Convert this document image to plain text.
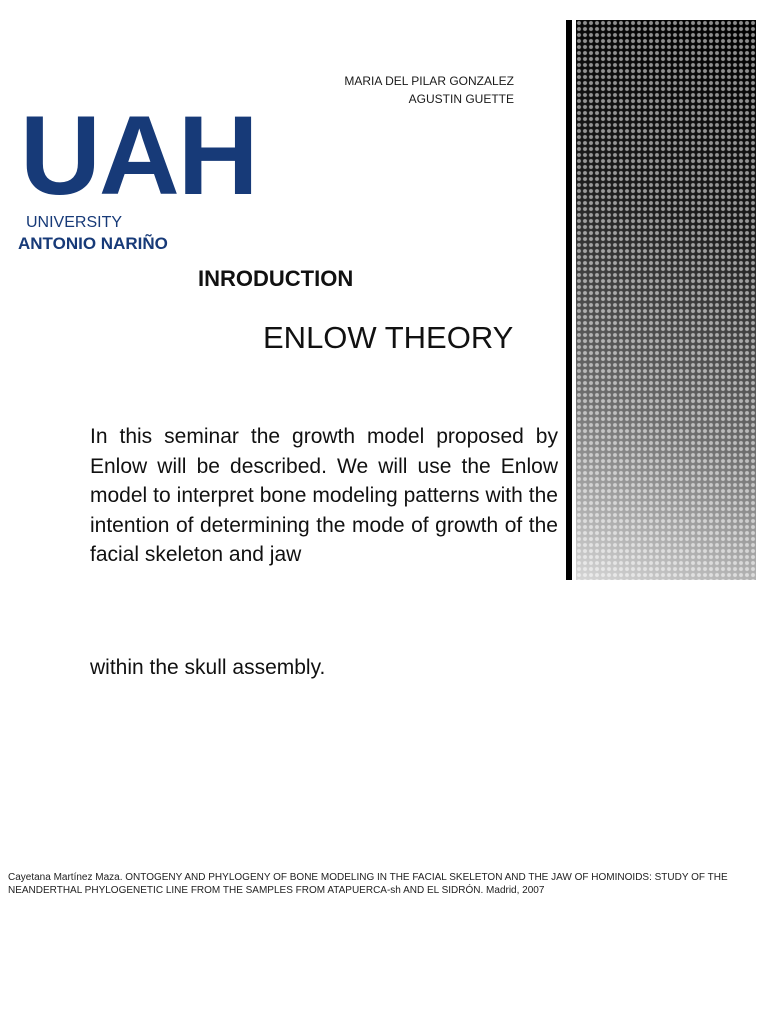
MARIA DEL PILAR GONZALEZ
AGUSTIN GUETTE
UAH
UNIVERSITY
ANTONIO NARIÑO
INRODUCTION
ENLOW THEORY
In this seminar the growth model proposed by Enlow will be described. We will use the Enlow model to interpret bone modeling patterns with the intention of determining the mode of growth of the facial skeleton and jaw
within the skull assembly.
Cayetana Martínez Maza. ONTOGENY AND PHYLOGENY OF BONE MODELING IN THE FACIAL SKELETON AND THE JAW OF HOMINOIDS: STUDY OF THE NEANDERTHAL PHYLOGENETIC LINE FROM THE SAMPLES FROM ATAPUERCA-sh AND EL SIDRÓN. Madrid, 2007
